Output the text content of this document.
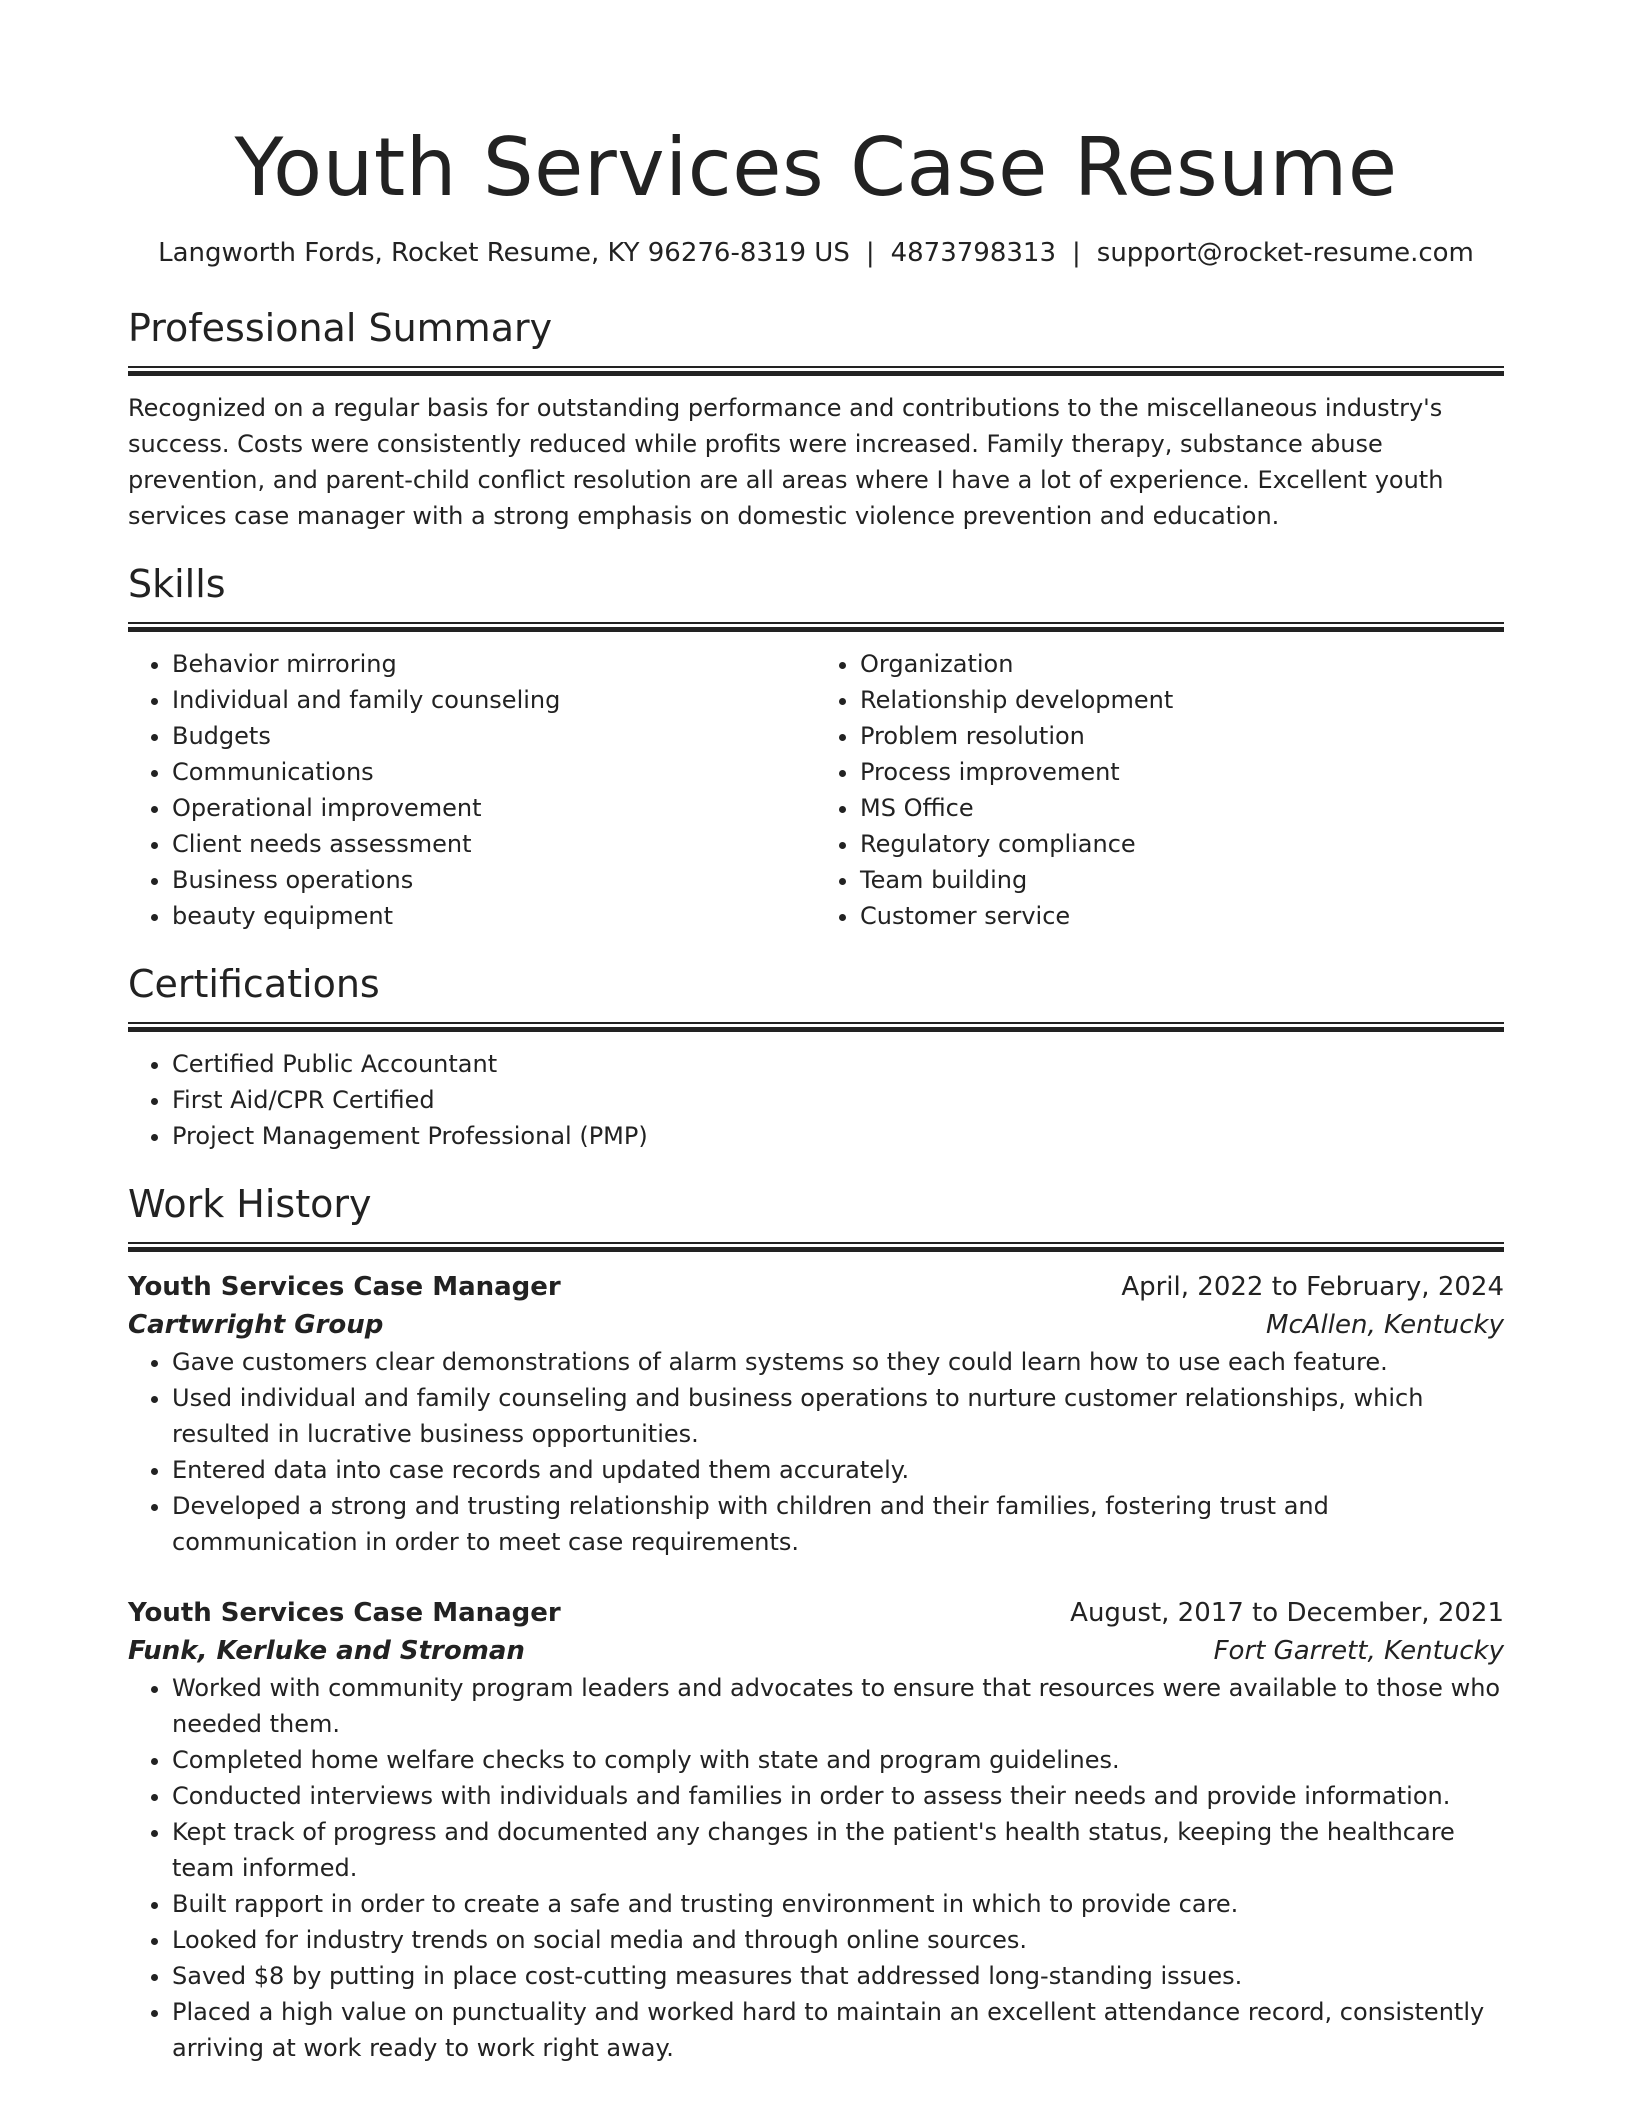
Youth Services Case Resume
Langworth Fords, Rocket Resume, KY 96276-8319 US | 4873798313 | support@rocket-resume.com
Professional Summary

Recognized on a regular basis for outstanding performance and contributions to the miscellaneous industry's success. Costs were consistently reduced while profits were increased. Family therapy, substance abuse prevention, and parent-child conflict resolution are all areas where I have a lot of experience. Excellent youth services case manager with a strong emphasis on domestic violence prevention and education.

Skills
• Behavior mirroring
• Individual and family counseling
• Budgets
• Communications
• Operational improvement
• Client needs assessment
• Business operations
• beauty equipment
• Organization
• Relationship development
• Problem resolution
• Process improvement
• MS Office
• Regulatory compliance
• Team building
• Customer service
Certifications
• Certified Public Accountant
• First Aid/CPR Certified
• Project Management Professional (PMP)
Work History
Youth Services Case Manager	April, 2022 to February, 2024
Cartwright Group	McAllen, Kentucky
• Gave customers clear demonstrations of alarm systems so they could learn how to use each feature.
• Used individual and family counseling and business operations to nurture customer relationships, which resulted in lucrative business opportunities.
• Entered data into case records and updated them accurately.
• Developed a strong and trusting relationship with children and their families, fostering trust and communication in order to meet case requirements.
Youth Services Case Manager	August, 2017 to December, 2021
Funk, Kerluke and Stroman	Fort Garrett, Kentucky
• Worked with community program leaders and advocates to ensure that resources were available to those who needed them.
• Completed home welfare checks to comply with state and program guidelines.
• Conducted interviews with individuals and families in order to assess their needs and provide information.
• Kept track of progress and documented any changes in the patient's health status, keeping the healthcare team informed.
• Built rapport in order to create a safe and trusting environment in which to provide care.
• Looked for industry trends on social media and through online sources.
• Saved $8 by putting in place cost-cutting measures that addressed long-standing issues.
• Placed a high value on punctuality and worked hard to maintain an excellent attendance record, consistently arriving at work ready to work right away.
